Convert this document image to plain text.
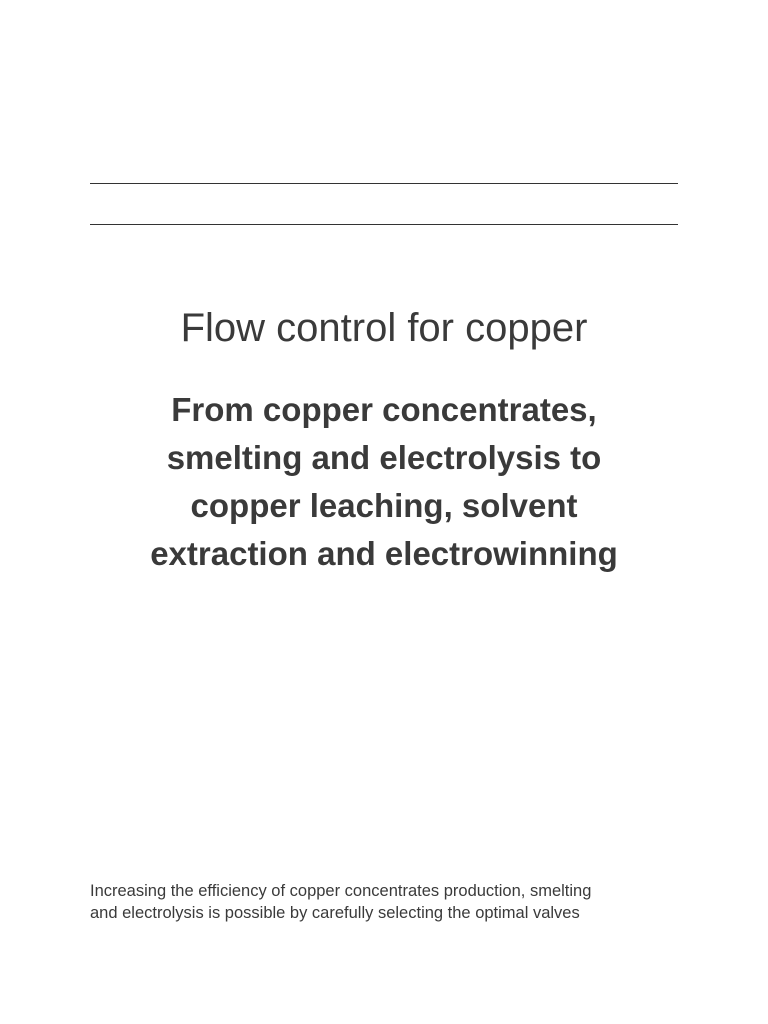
Flow control for copper
From copper concentrates,
smelting and electrolysis to
copper leaching, solvent
extraction and electrowinning

Increasing the efficiency of copper concentrates production, smelting
and electrolysis is possible by carefully selecting the optimal valves
